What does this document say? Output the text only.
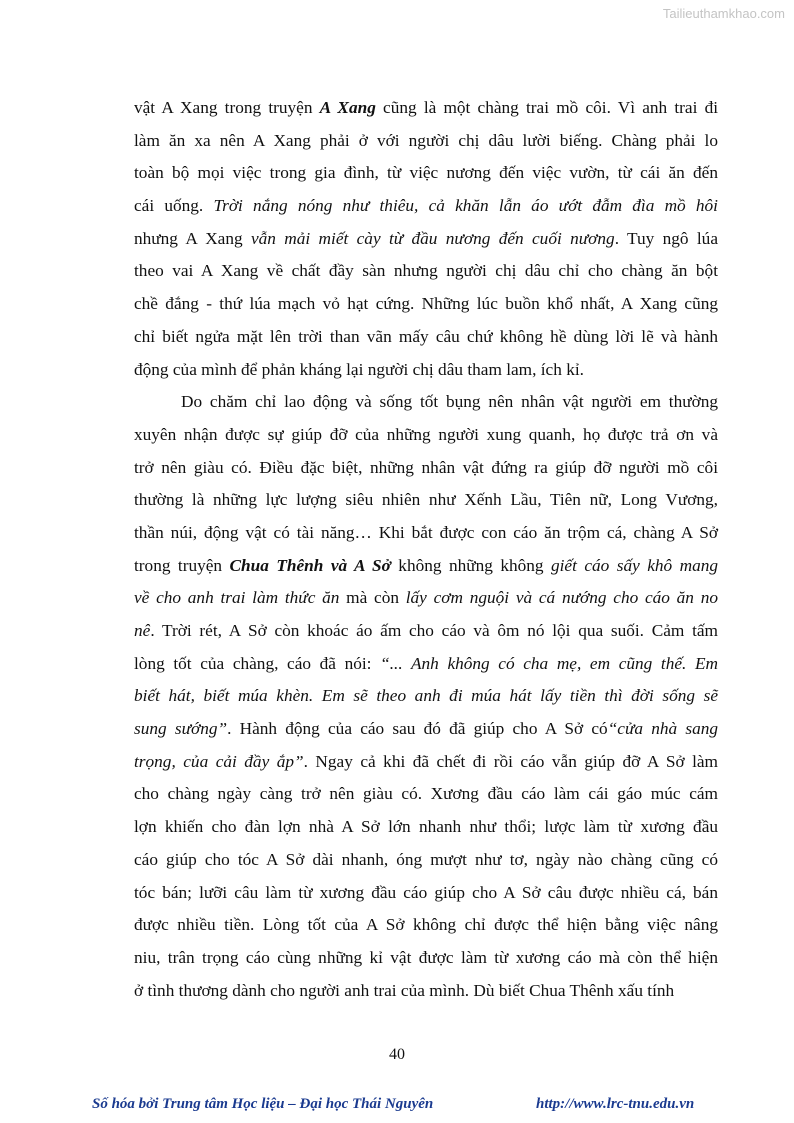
Tailieuthamkhao.com
vật A Xang trong truyện A Xang cũng là một chàng trai mồ côi. Vì anh trai đi
làm ăn xa nên A Xang phải ở với người chị dâu lười biếng. Chàng phải lo
toàn bộ mọi việc trong gia đình, từ việc nương đến việc vườn, từ cái ăn đến
cái uống. Trời nắng nóng như thiêu, cả khăn lẫn áo ướt đẫm đìa mồ hôi
nhưng A Xang vẫn mải miết cày từ đầu nương đến cuối nương. Tuy ngô lúa
theo vai A Xang về chất đầy sàn nhưng người chị dâu chỉ cho chàng ăn bột
chề đắng - thứ lúa mạch vỏ hạt cứng. Những lúc buồn khổ nhất, A Xang cũng
chỉ biết ngửa mặt lên trời than vãn mấy câu chứ không hề dùng lời lẽ và hành
động của mình để phản kháng lại người chị dâu tham lam, ích kỉ.
Do chăm chỉ lao động và sống tốt bụng nên nhân vật người em thường
xuyên nhận được sự giúp đỡ của những người xung quanh, họ được trả ơn và
trở nên giàu có. Điều đặc biệt, những nhân vật đứng ra giúp đỡ người mồ côi
thường là những lực lượng siêu nhiên như Xếnh Lầu, Tiên nữ, Long Vương,
thần núi, động vật có tài năng… Khi bắt được con cáo ăn trộm cá, chàng A Sở
trong truyện Chua Thênh và A Sở không những không giết cáo sấy khô mang
về cho anh trai làm thức ăn mà còn lấy cơm nguội và cá nướng cho cáo ăn no
nê. Trời rét, A Sở còn khoác áo ấm cho cáo và ôm nó lội qua suối. Cảm tấm
lòng tốt của chàng, cáo đã nói: “... Anh không có cha mẹ, em cũng thế. Em
biết hát, biết múa khèn. Em sẽ theo anh đi múa hát lấy tiền thì đời sống sẽ
sung sướng”. Hành động của cáo sau đó đã giúp cho A Sở có“cửa nhà sang
trọng, của cải đầy ắp”. Ngay cả khi đã chết đi rồi cáo vẫn giúp đỡ A Sở làm
cho chàng ngày càng trở nên giàu có. Xương đầu cáo làm cái gáo múc cám
lợn khiến cho đàn lợn nhà A Sở lớn nhanh như thổi; lược làm từ xương đầu
cáo giúp cho tóc A Sở dài nhanh, óng mượt như tơ, ngày nào chàng cũng có
tóc bán; lưỡi câu làm từ xương đầu cáo giúp cho A Sở câu được nhiều cá, bán
được nhiều tiền. Lòng tốt của A Sở không chỉ được thể hiện bằng việc nâng
niu, trân trọng cáo cùng những kỉ vật được làm từ xương cáo mà còn thể hiện
ở tình thương dành cho người anh trai của mình. Dù biết Chua Thênh xấu tính
40
Số hóa bởi Trung tâm Học liệu – Đại học Thái Nguyên	http://www.lrc-tnu.edu.vn
